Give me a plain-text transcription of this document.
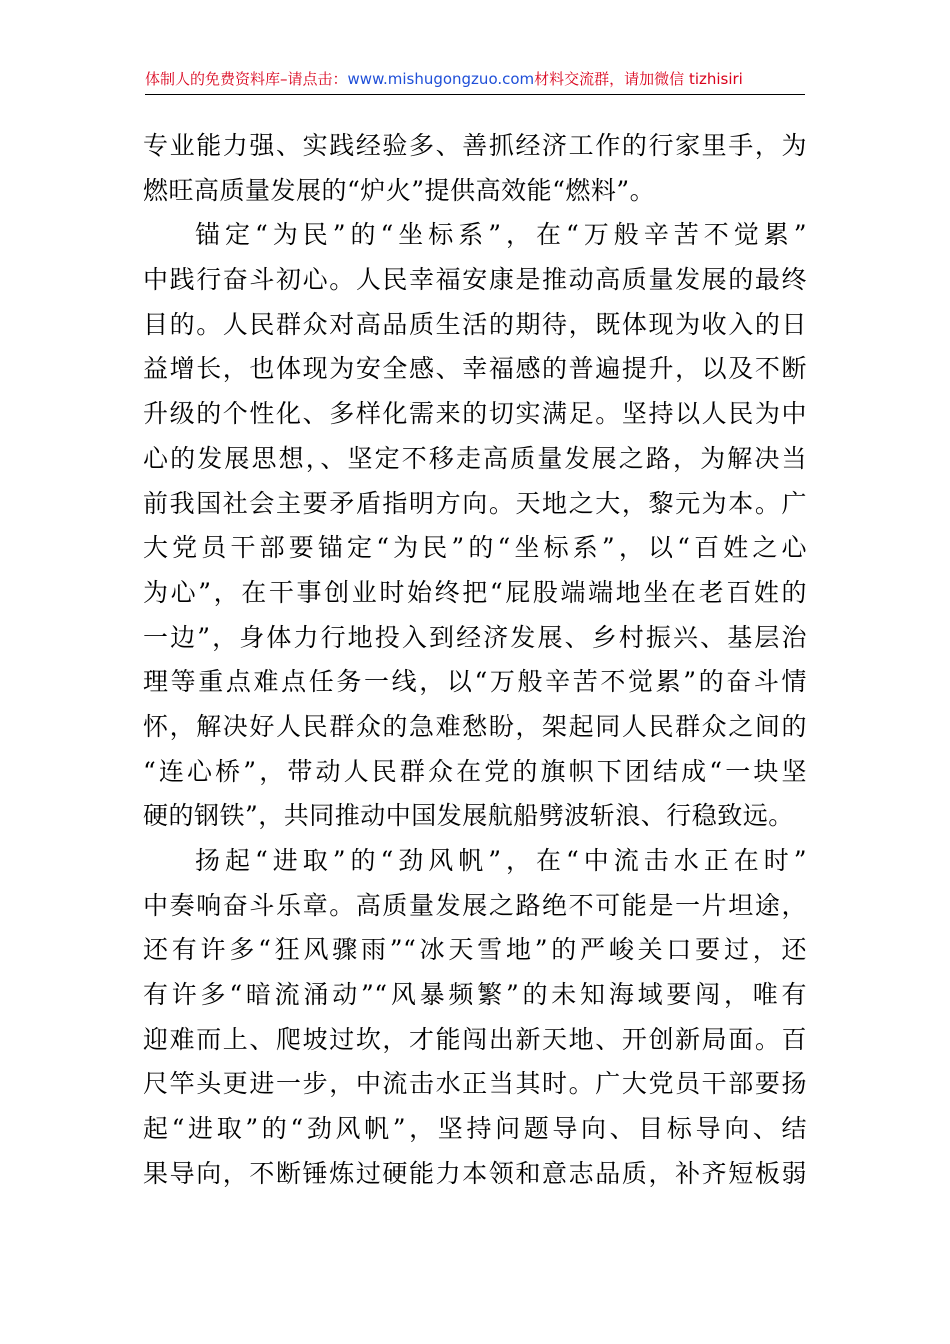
体制人的免费资料库–请点击：www.mishugongzuo.com材料交流群，请加微信 tizhisiri
专业能力强、实践经验多、善抓经济工作的行家里手，为
燃旺高质量发展的“炉火”提供高效能“燃料”。
锚定“为民”的“坐标系”，在“万般辛苦不觉累”
中践行奋斗初心。人民幸福安康是推动高质量发展的最终
目的。人民群众对高品质生活的期待，既体现为收入的日
益增长，也体现为安全感、幸福感的普遍提升，以及不断
升级的个性化、多样化需来的切实满足。坚持以人民为中
心的发展思想，、坚定不移走高质量发展之路，为解决当
前我国社会主要矛盾指明方向。天地之大，黎元为本。广
大党员干部要锚定“为民”的“坐标系”，以“百姓之心
为心”，在干事创业时始终把“屁股端端地坐在老百姓的
一边”，身体力行地投入到经济发展、乡村振兴、基层治
理等重点难点任务一线，以“万般辛苦不觉累”的奋斗情
怀，解决好人民群众的急难愁盼，架起同人民群众之间的
“连心桥”，带动人民群众在党的旗帜下团结成“一块坚
硬的钢铁”，共同推动中国发展航船劈波斩浪、行稳致远。
扬起“进取”的“劲风帆”，在“中流击水正在时”
中奏响奋斗乐章。高质量发展之路绝不可能是一片坦途，
还有许多“狂风骤雨”“冰天雪地”的严峻关口要过，还
有许多“暗流涌动”“风暴频繁”的未知海域要闯，唯有
迎难而上、爬坡过坎，才能闯出新天地、开创新局面。百
尺竿头更进一步，中流击水正当其时。广大党员干部要扬
起“进取”的“劲风帆”，坚持问题导向、目标导向、结
果导向，不断锤炼过硬能力本领和意志品质，补齐短板弱
